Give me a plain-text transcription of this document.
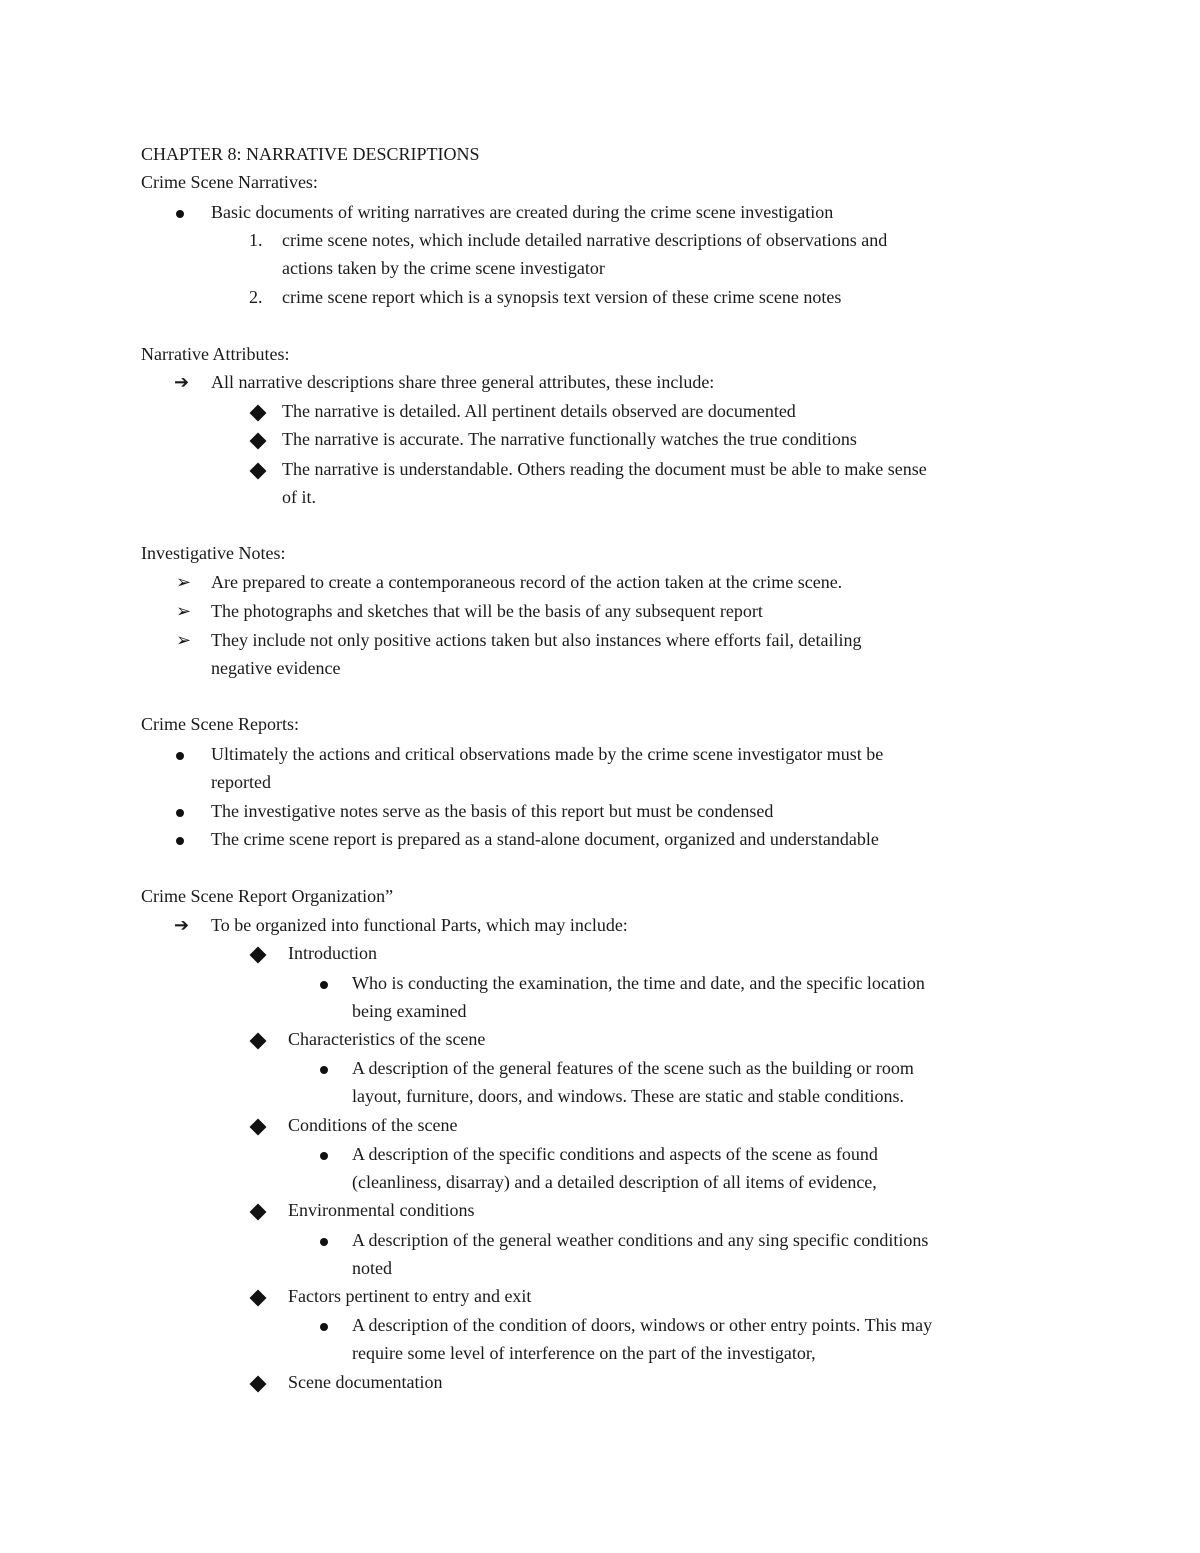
CHAPTER 8: NARRATIVE DESCRIPTIONS
Crime Scene Narratives:
Basic documents of writing narratives are created during the crime scene investigation
1. crime scene notes, which include detailed narrative descriptions of observations and
actions taken by the crime scene investigator
2. crime scene report which is a synopsis text version of these crime scene notes
Narrative Attributes:
➔ All narrative descriptions share three general attributes, these include:
The narrative is detailed. All pertinent details observed are documented
The narrative is accurate. The narrative functionally watches the true conditions
The narrative is understandable. Others reading the document must be able to make sense
of it.
Investigative Notes:
➢ Are prepared to create a contemporaneous record of the action taken at the crime scene.
➢ The photographs and sketches that will be the basis of any subsequent report
➢ They include not only positive actions taken but also instances where efforts fail, detailing
negative evidence
Crime Scene Reports:
Ultimately the actions and critical observations made by the crime scene investigator must be
reported
The investigative notes serve as the basis of this report but must be condensed
The crime scene report is prepared as a stand-alone document, organized and understandable
Crime Scene Report Organization”
➔ To be organized into functional Parts, which may include:
Introduction
Who is conducting the examination, the time and date, and the specific location
being examined
Characteristics of the scene
A description of the general features of the scene such as the building or room
layout, furniture, doors, and windows. These are static and stable conditions.
Conditions of the scene
A description of the specific conditions and aspects of the scene as found
(cleanliness, disarray) and a detailed description of all items of evidence,
Environmental conditions
A description of the general weather conditions and any sing specific conditions
noted
Factors pertinent to entry and exit
A description of the condition of doors, windows or other entry points. This may
require some level of interference on the part of the investigator,
Scene documentation
